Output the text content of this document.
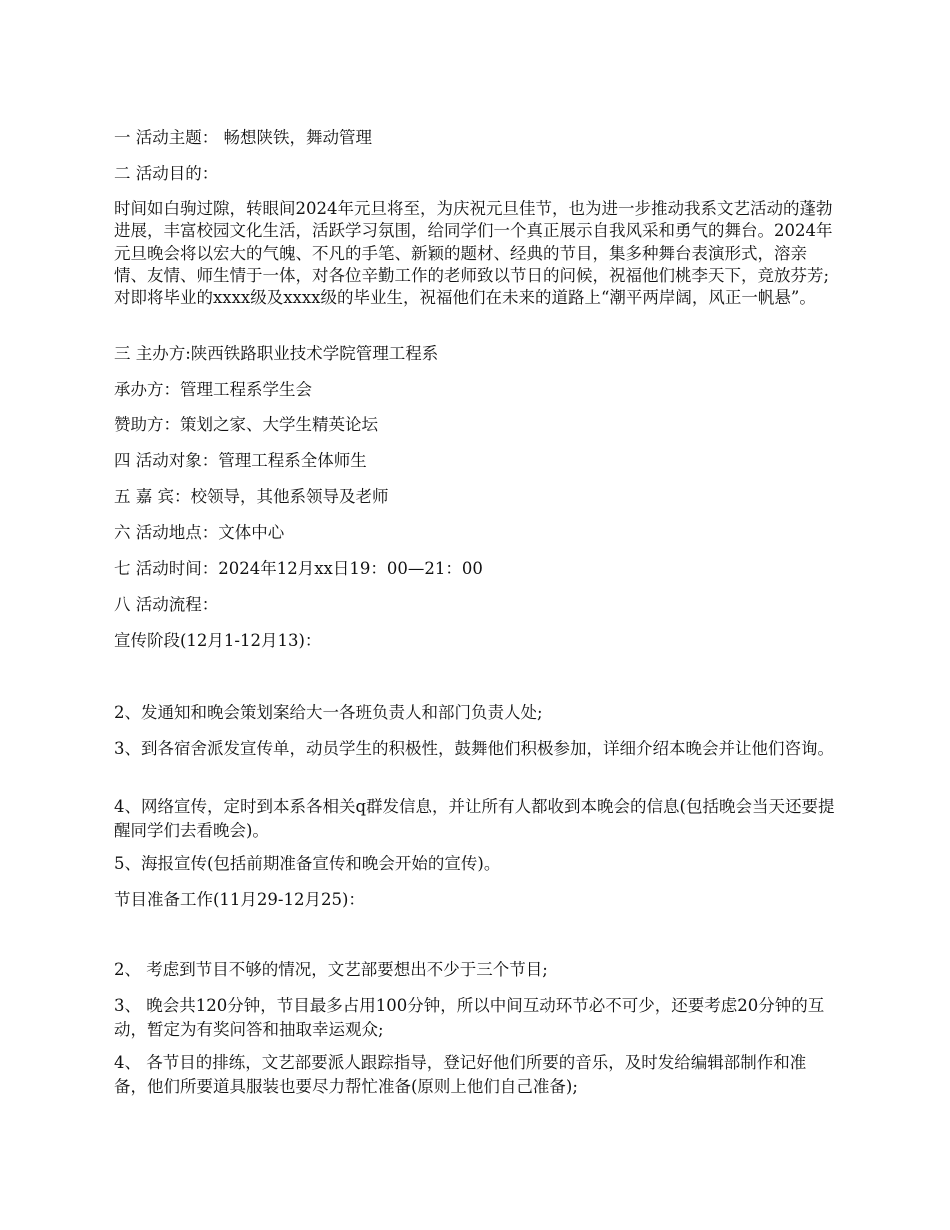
一 活动主题： 畅想陕铁，舞动管理

二 活动目的：

时间如白驹过隙，转眼间2024年元旦将至，为庆祝元旦佳节，也为进一步推动我系文艺活动的蓬勃进展，丰富校园文化生活，活跃学习氛围，给同学们一个真正展示自我风采和勇气的舞台。2024年元旦晚会将以宏大的气魄、不凡的手笔、新颖的题材、经典的节目，集多种舞台表演形式，溶亲情、友情、师生情于一体，对各位辛勤工作的老师致以节日的问候，祝福他们桃李天下，竞放芬芳;对即将毕业的xxxx级及xxxx级的毕业生，祝福他们在未来的道路上“潮平两岸阔，风正一帆悬”。

三 主办方:陕西铁路职业技术学院管理工程系

承办方：管理工程系学生会

赞助方：策划之家、大学生精英论坛

四 活动对象：管理工程系全体师生

五 嘉 宾：校领导，其他系领导及老师

六 活动地点：文体中心

七 活动时间：2024年12月xx日19：00—21：00

八 活动流程：

宣传阶段(12月1-12月13)：

2、发通知和晚会策划案给大一各班负责人和部门负责人处;

3、到各宿舍派发宣传单，动员学生的积极性，鼓舞他们积极参加，详细介绍本晚会并让他们咨询。

4、网络宣传，定时到本系各相关q群发信息，并让所有人都收到本晚会的信息(包括晚会当天还要提醒同学们去看晚会)。

5、海报宣传(包括前期准备宣传和晚会开始的宣传)。

节目准备工作(11月29-12月25)：

2、 考虑到节目不够的情况，文艺部要想出不少于三个节目;

3、 晚会共120分钟，节目最多占用100分钟，所以中间互动环节必不可少，还要考虑20分钟的互动，暂定为有奖问答和抽取幸运观众;

4、 各节目的排练，文艺部要派人跟踪指导，登记好他们所要的音乐，及时发给编辑部制作和准备，他们所要道具服装也要尽力帮忙准备(原则上他们自己准备);
